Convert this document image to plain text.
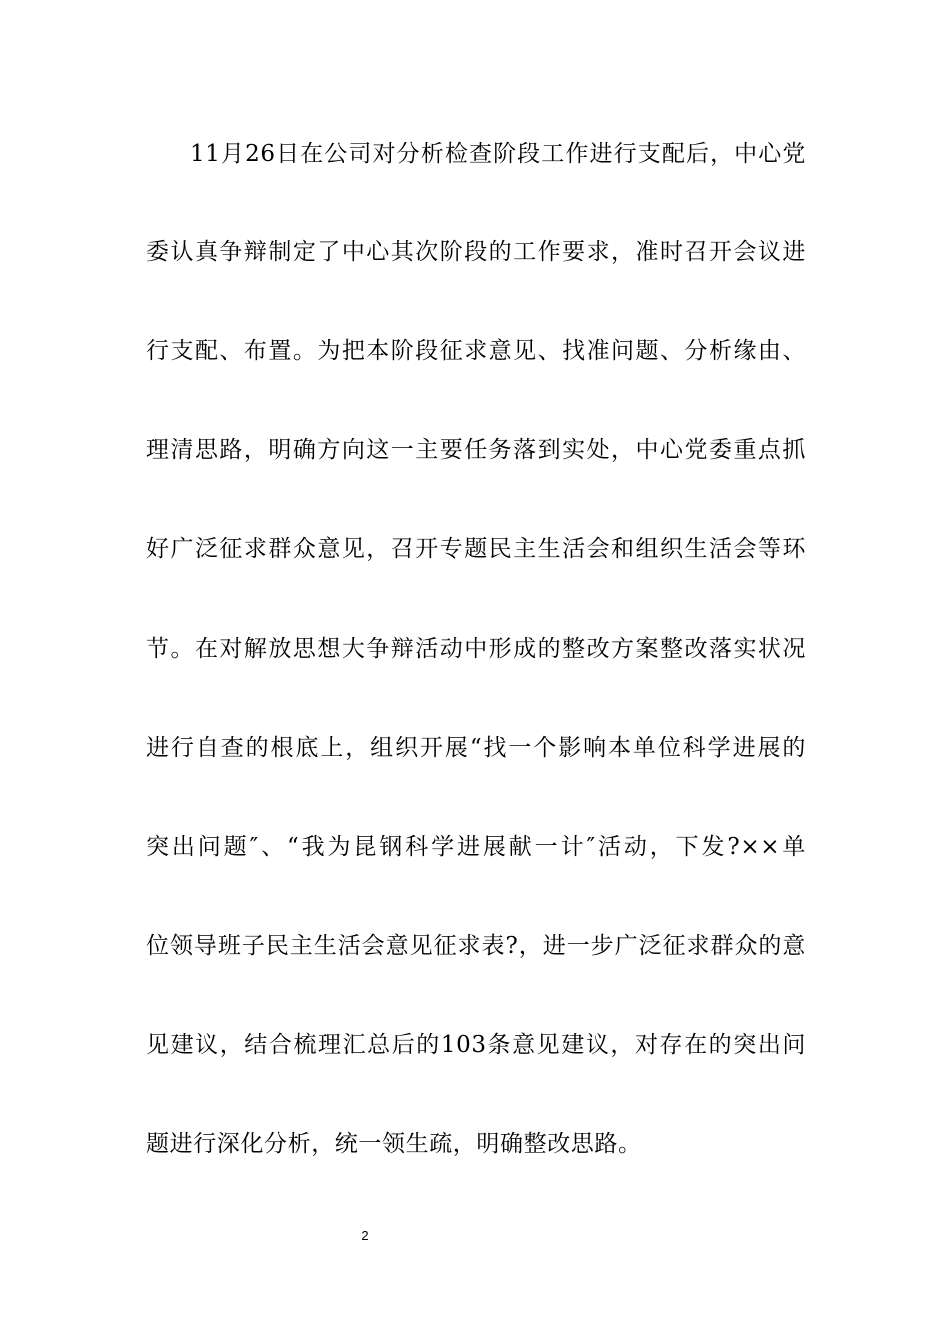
11月26日在公司对分析检查阶段工作进行支配后，中心党
委认真争辩制定了中心其次阶段的工作要求，准时召开会议进
行支配、布置。为把本阶段征求意见、找准问题、分析缘由、
理清思路，明确方向这一主要任务落到实处，中心党委重点抓
好广泛征求群众意见，召开专题民主生活会和组织生活会等环
节。在对解放思想大争辩活动中形成的整改方案整改落实状况
进行自查的根底上，组织开展“找一个影响本单位科学进展的
突出问题″、“我为昆钢科学进展献一计″活动，下发?××单
位领导班子民主生活会意见征求表?，进一步广泛征求群众的意
见建议，结合梳理汇总后的103条意见建议，对存在的突出问
题进行深化分析，统一领生疏，明确整改思路。
2
